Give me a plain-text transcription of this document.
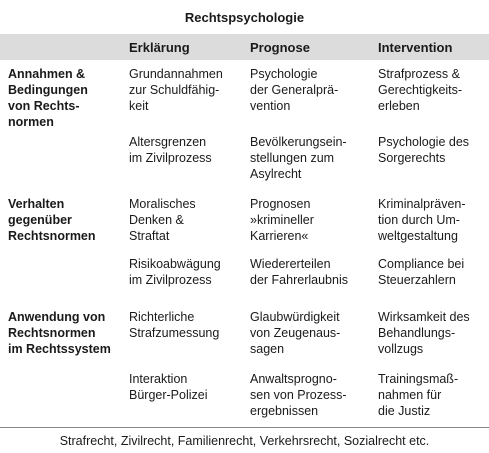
Rechtspsychologie
Erklärung	Prognose	Intervention
Annahmen &
Bedingungen
von Rechts-
normen
Grundannahmen
zur Schuldfähig-
keit
Psychologie
der Generalprä-
vention
Strafprozess &
Gerechtigkeits-
erleben
Altersgrenzen
im Zivilprozess
Bevölkerungsein-
stellungen zum
Asylrecht
Psychologie des
Sorgerechts
Verhalten
gegenüber
Rechtsnormen
Moralisches
Denken &
Straftat
Prognosen
»krimineller
Karrieren«
Kriminalpräven-
tion durch Um-
weltgestaltung
Risikoabwägung
im Zivilprozess
Wiedererteilen
der Fahrerlaubnis
Compliance bei
Steuerzahlern
Anwendung von
Rechtsnormen
im Rechtssystem
Richterliche
Strafzumessung
Glaubwürdigkeit
von Zeugenaus-
sagen
Wirksamkeit des
Behandlungs-
vollzugs
Interaktion
Bürger-Polizei
Anwaltsprogno-
sen von Prozess-
ergebnissen
Trainingsmaß-
nahmen für
die Justiz
Strafrecht, Zivilrecht, Familienrecht, Verkehrsrecht, Sozialrecht etc.
